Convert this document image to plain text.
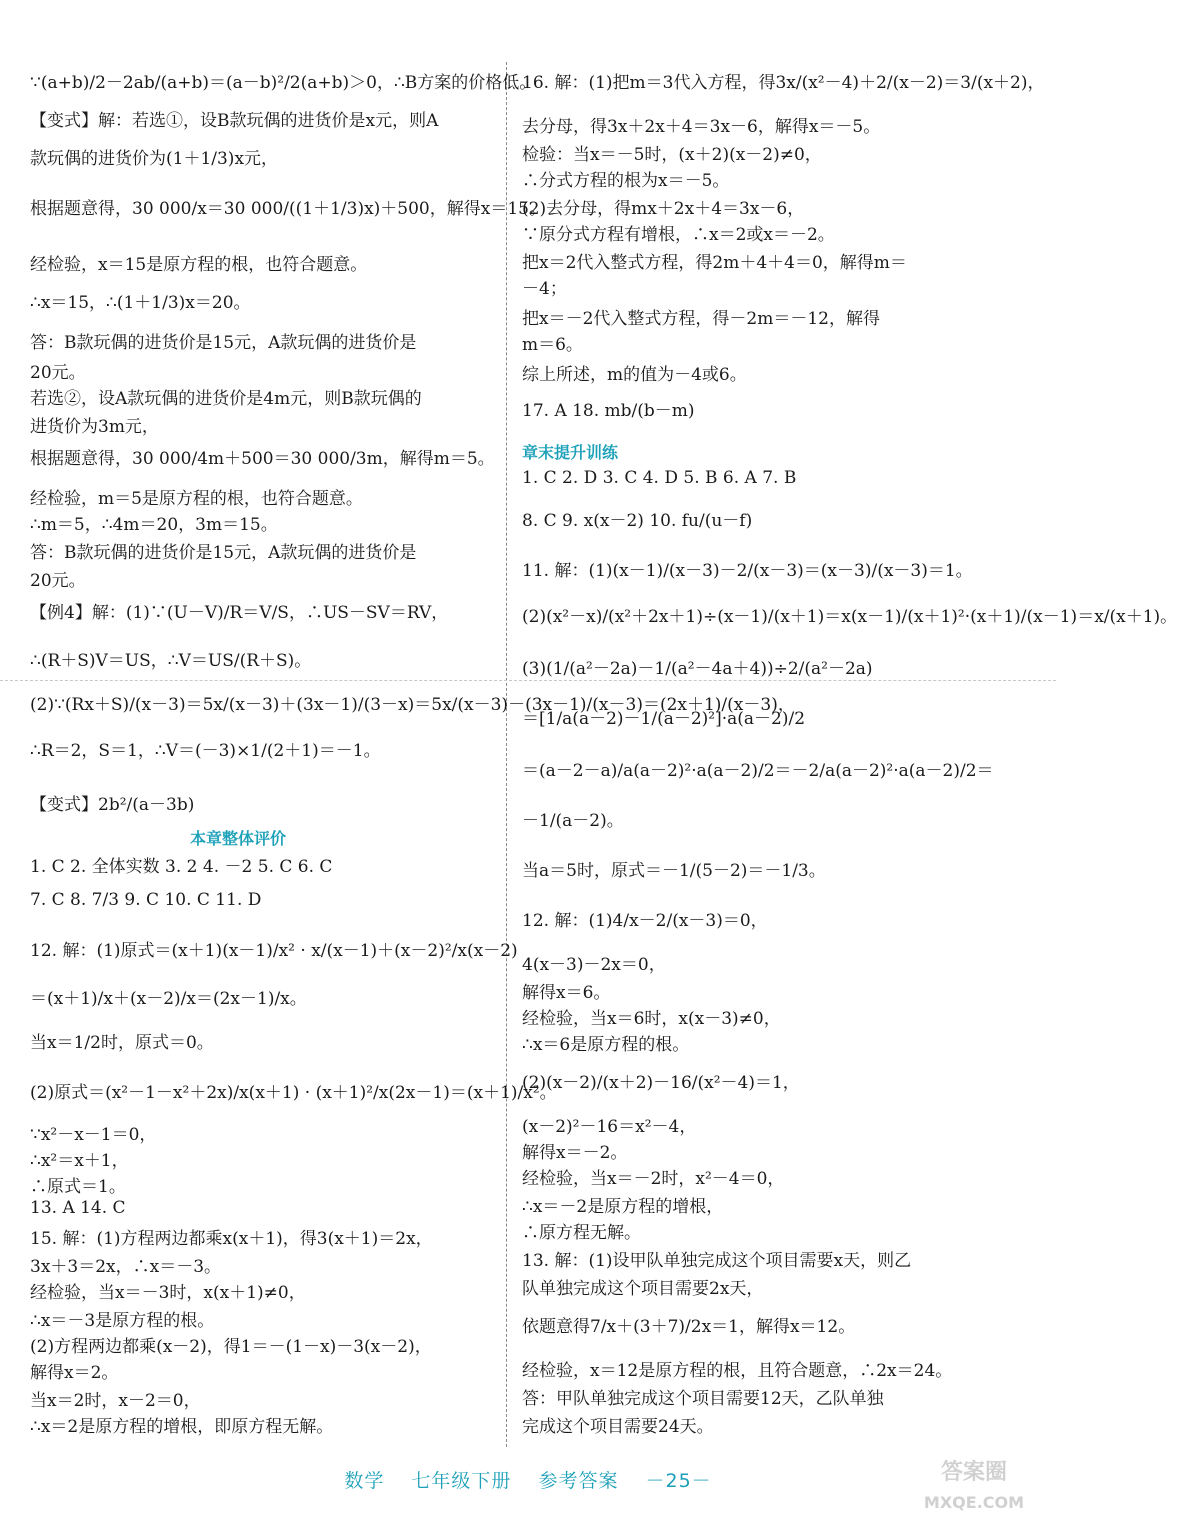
∵(a+b)/2－2ab/(a+b)＝(a－b)²/2(a+b)＞0，∴B方案的价格低。
【变式】解：若选①，设B款玩偶的进货价是x元，则A
款玩偶的进货价为(1＋1/3)x元，
根据题意得，30 000/x＝30 000/((1＋1/3)x)＋500，解得x＝15。
经检验，x＝15是原方程的根，也符合题意。
∴x＝15，∴(1＋1/3)x＝20。
答：B款玩偶的进货价是15元，A款玩偶的进货价是
20元。
若选②，设A款玩偶的进货价是4m元，则B款玩偶的
进货价为3m元，
根据题意得，30 000/4m＋500＝30 000/3m，解得m＝5。
经检验，m＝5是原方程的根，也符合题意。
∴m＝5，∴4m＝20，3m＝15。
答：B款玩偶的进货价是15元，A款玩偶的进货价是
20元。
【例4】解：(1)∵(U－V)/R＝V/S，∴US－SV＝RV，
∴(R＋S)V＝US，∴V＝US/(R＋S)。
(2)∵(Rx＋S)/(x－3)＝5x/(x－3)＋(3x－1)/(3－x)＝5x/(x－3)－(3x－1)/(x－3)＝(2x＋1)/(x－3)，
∴R＝2，S＝1，∴V＝(－3)×1/(2＋1)＝－1。
【变式】2b²/(a－3b)
本章整体评价
1. C 2. 全体实数 3. 2 4. －2 5. C 6. C
7. C 8. 7/3 9. C 10. C 11. D
12. 解：(1)原式＝(x＋1)(x－1)/x² · x/(x－1)＋(x－2)²/x(x－2)
＝(x＋1)/x＋(x－2)/x＝(2x－1)/x。
当x＝1/2时，原式＝0。
(2)原式＝(x²－1－x²＋2x)/x(x＋1) · (x＋1)²/x(2x－1)＝(x＋1)/x²。
∵x²－x－1＝0，
∴x²＝x＋1，
∴原式＝1。
13. A 14. C
15. 解：(1)方程两边都乘x(x＋1)，得3(x＋1)＝2x，
3x＋3＝2x，∴x＝－3。
经检验，当x＝－3时，x(x＋1)≠0，
∴x＝－3是原方程的根。
(2)方程两边都乘(x－2)，得1＝－(1－x)－3(x－2)，
解得x＝2。
当x＝2时，x－2＝0，
∴x＝2是原方程的增根，即原方程无解。
16. 解：(1)把m＝3代入方程，得3x/(x²－4)＋2/(x－2)＝3/(x＋2)，
去分母，得3x＋2x＋4＝3x－6，解得x＝－5。
检验：当x＝－5时，(x＋2)(x－2)≠0，
∴分式方程的根为x＝－5。
(2)去分母，得mx＋2x＋4＝3x－6，
∵原分式方程有增根，∴x＝2或x＝－2。
把x＝2代入整式方程，得2m＋4＋4＝0，解得m＝
－4；
把x＝－2代入整式方程，得－2m＝－12，解得
m＝6。
综上所述，m的值为－4或6。
17. A 18. mb/(b－m)
章末提升训练
1. C 2. D 3. C 4. D 5. B 6. A 7. B
8. C 9. x(x－2) 10. fu/(u－f)
11. 解：(1)(x－1)/(x－3)－2/(x－3)＝(x－3)/(x－3)＝1。
(2)(x²－x)/(x²＋2x＋1)÷(x－1)/(x＋1)＝x(x－1)/(x＋1)²·(x＋1)/(x－1)＝x/(x＋1)。
(3)(1/(a²－2a)－1/(a²－4a＋4))÷2/(a²－2a)
＝[1/a(a－2)－1/(a－2)²]·a(a－2)/2
＝(a－2－a)/a(a－2)²·a(a－2)/2＝－2/a(a－2)²·a(a－2)/2＝
－1/(a－2)。
当a＝5时，原式＝－1/(5－2)＝－1/3。
12. 解：(1)4/x－2/(x－3)＝0，
4(x－3)－2x＝0，
解得x＝6。
经检验，当x＝6时，x(x－3)≠0，
∴x＝6是原方程的根。
(2)(x－2)/(x＋2)－16/(x²－4)＝1，
(x－2)²－16＝x²－4，
解得x＝－2。
经检验，当x＝－2时，x²－4＝0，
∴x＝－2是原方程的增根，
∴原方程无解。
13. 解：(1)设甲队单独完成这个项目需要x天，则乙
队单独完成这个项目需要2x天，
依题意得7/x＋(3＋7)/2x＝1，解得x＝12。
经检验，x＝12是原方程的根，且符合题意，∴2x＝24。
答：甲队单独完成这个项目需要12天，乙队单独
完成这个项目需要24天。
数学 七年级下册 参考答案 －25－	答案圈
MXQE.COM
